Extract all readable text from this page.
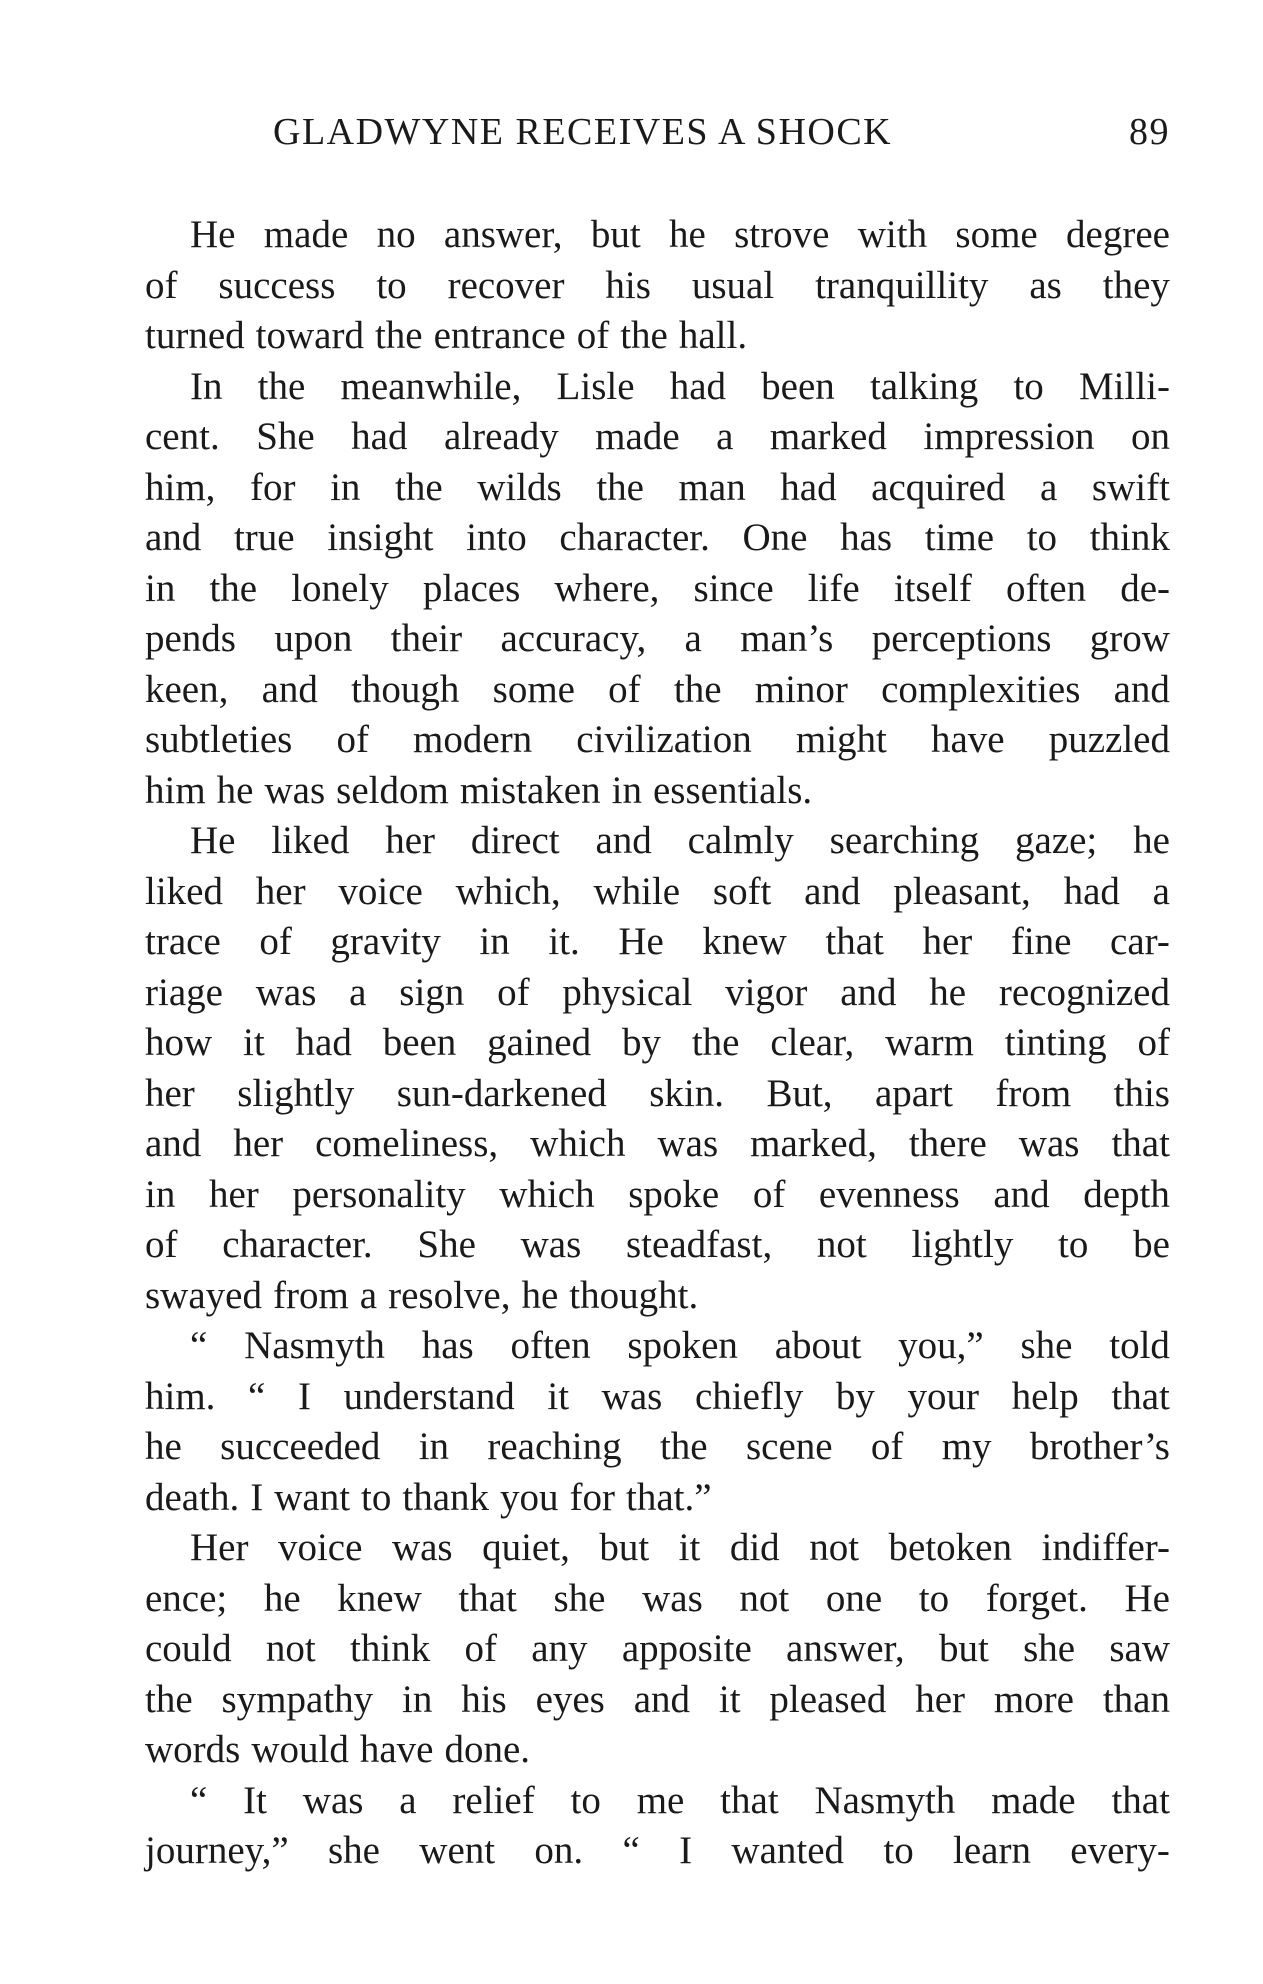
GLADWYNE RECEIVES A SHOCK	89
He made no answer, but he strove with some degree
of success to recover his usual tranquillity as they
turned toward the entrance of the hall.
In the meanwhile, Lisle had been talking to Milli-
cent. She had already made a marked impression on
him, for in the wilds the man had acquired a swift
and true insight into character. One has time to think
in the lonely places where, since life itself often de-
pends upon their accuracy, a man’s perceptions grow
keen, and though some of the minor complexities and
subtleties of modern civilization might have puzzled
him he was seldom mistaken in essentials.
He liked her direct and calmly searching gaze; he
liked her voice which, while soft and pleasant, had a
trace of gravity in it. He knew that her fine car-
riage was a sign of physical vigor and he recognized
how it had been gained by the clear, warm tinting of
her slightly sun-darkened skin. But, apart from this
and her comeliness, which was marked, there was that
in her personality which spoke of evenness and depth
of character. She was steadfast, not lightly to be
swayed from a resolve, he thought.
“ Nasmyth has often spoken about you,” she told
him. “ I understand it was chiefly by your help that
he succeeded in reaching the scene of my brother’s
death. I want to thank you for that.”
Her voice was quiet, but it did not betoken indiffer-
ence; he knew that she was not one to forget. He
could not think of any apposite answer, but she saw
the sympathy in his eyes and it pleased her more than
words would have done.
“ It was a relief to me that Nasmyth made that
journey,” she went on. “ I wanted to learn every-
